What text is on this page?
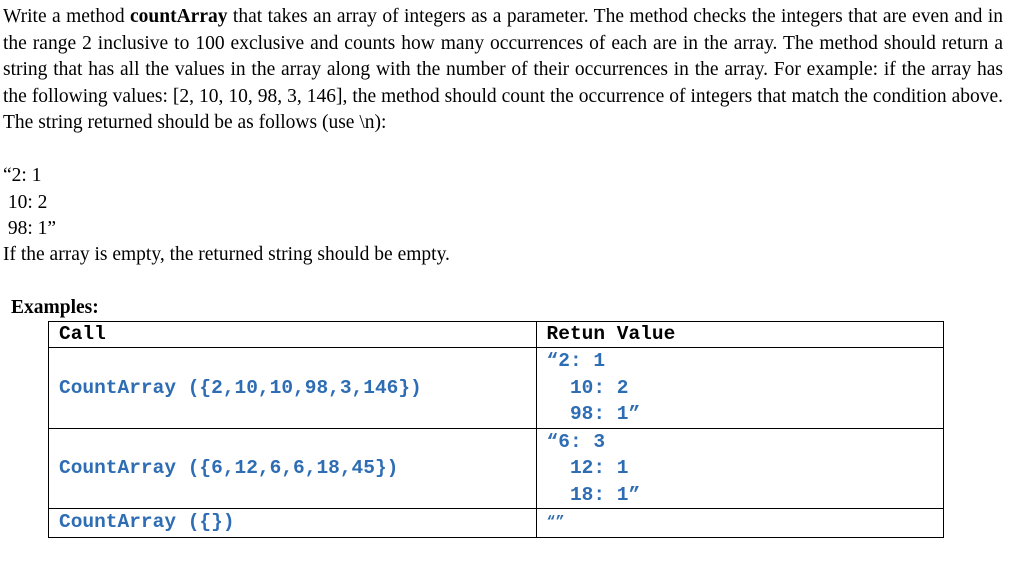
Write a method countArray that takes an array of integers as a parameter. The method checks the integers that are even and in the range 2 inclusive to 100 exclusive and counts how many occurrences of each are in the array. The method should return a string that has all the values in the array along with the number of their occurrences in the array. For example: if the array has the following values: [2, 10, 10, 98, 3, 146], the method should count the occurrence of integers that match the condition above. The string returned should be as follows (use \n):
“2: 1
10: 2
98: 1”
If the array is empty, the returned string should be empty.
Examples:
Call	Retun Value
CountArray ({2,10,10,98,3,146})	“2: 1
10: 2
98: 1”

CountArray ({6,12,6,6,18,45})	“6: 3
12: 1
18: 1”

CountArray ({})	“”
